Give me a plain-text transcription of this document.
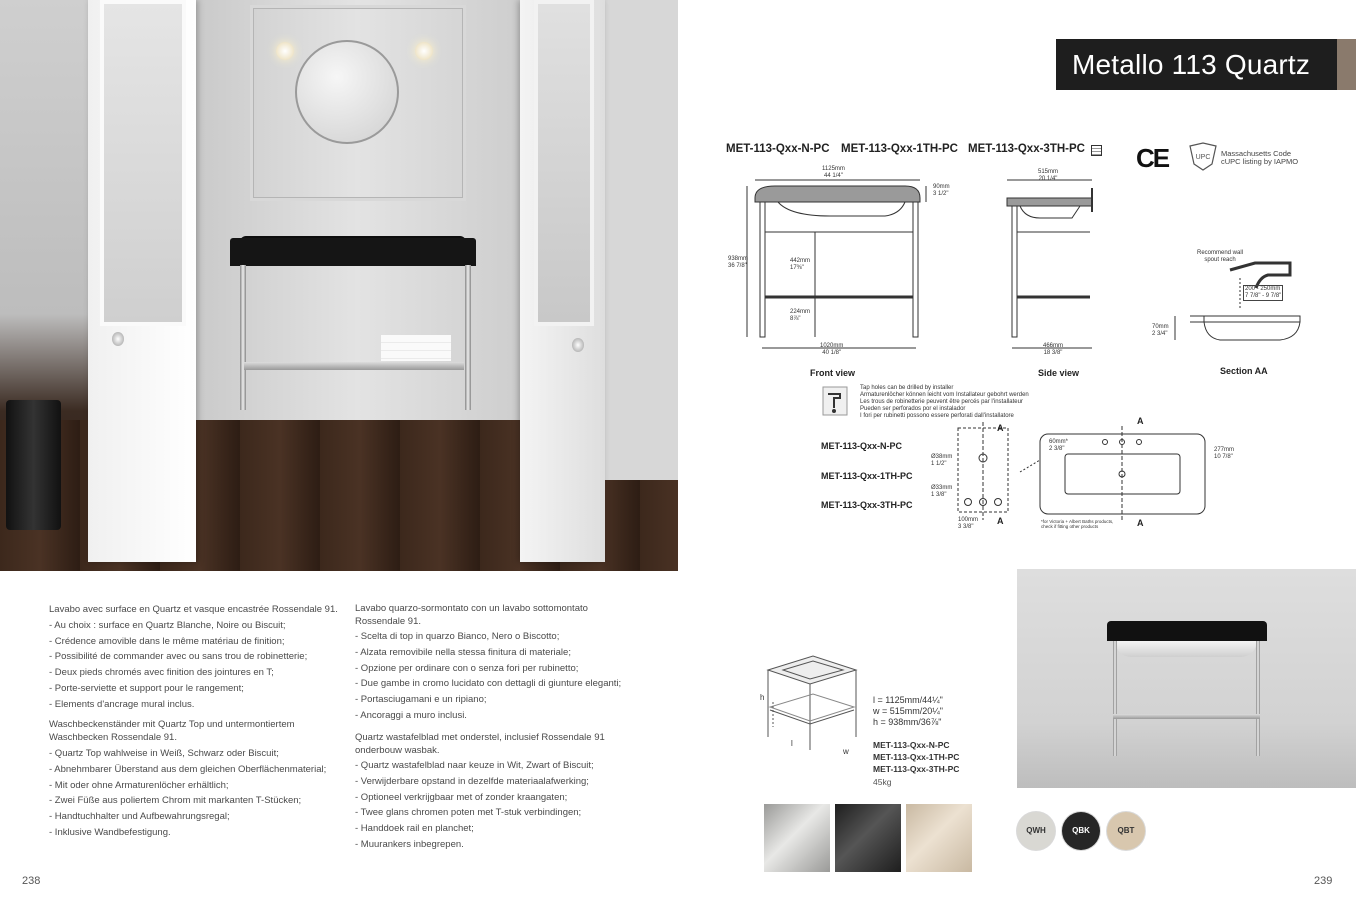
Lavabo avec surface en Quartz et vasque encastrée Rossendale 91.

- Au choix : surface en Quartz Blanche, Noire ou Biscuit;

- Crédence amovible dans le même matériau de finition;

- Possibilité de commander avec ou sans trou de robinetterie;

- Deux pieds chromés avec finition des jointures en T;

- Porte-serviette et support pour le rangement;

- Elements d'ancrage mural inclus.

Waschbeckenständer mit Quartz Top und untermontiertem

Waschbecken Rossendale 91.

- Quartz Top wahlweise in Weiß, Schwarz oder Biscuit;

- Abnehmbarer Überstand aus dem gleichen Oberflächenmaterial;

- Mit oder ohne Armaturenlöcher erhältlich;

- Zwei Füße aus poliertem Chrom mit markanten T-Stücken;

- Handtuchhalter und Aufbewahrungsregal;

- Inklusive Wandbefestigung.

Lavabo quarzo-sormontato con un lavabo sottomontato

Rossendale 91.

- Scelta di top in quarzo Bianco, Nero o Biscotto;

- Alzata removibile nella stessa finitura di materiale;

- Opzione per ordinare con o senza fori per rubinetto;

- Due gambe in cromo lucidato con dettagli di giunture eleganti;

- Portasciugamani e un ripiano;

- Ancoraggi a muro inclusi.

Quartz wastafelblad met onderstel, inclusief Rossendale 91

onderbouw wasbak.

- Quartz wastafelblad naar keuze in Wit, Zwart of Biscuit;

- Verwijderbare opstand in dezelfde materiaalafwerking;

- Optioneel verkrijgbaar met of zonder kraangaten;

- Twee glans chromen poten met T-stuk verbindingen;

- Handdoek rail en planchet;

- Muurankers inbegrepen.

238	239
Metallo 113 Quartz
MET-113-Qxx-N-PC MET-113-Qxx-1TH-PC MET-113-Qxx-3TH-PC CE	UPC Massachusetts Code
cUPC listing by IAPMO
1125mm
44 1/4"
90mm
3 1/2"
938mm
36 7/8"
442mm
17⅜"
224mm
8⅞"
1020mm
40 1/8"
515mm
20 1/4"
466mm
18 3/8"
70mm
2 3/4"
Recommend wall spout reach
200 - 250mm
7 7/8" - 9 7/8"
Front view	Side view	Section AA
Tap holes can be drilled by installer
Armaturenlöcher können leicht vom Installateur gebohrt werden
Les trous de robinetterie peuvent être percés par l'installateur
Pueden ser perforados por el instalador
I fori per rubinetti possono essere perforati dall'installatore
MET-113-Qxx-N-PC
MET-113-Qxx-1TH-PC
MET-113-Qxx-3TH-PC
Ø38mm
1 1/2"
Ø33mm
1 3/8"
100mm
3 3/8"
60mm*
2 3/8"	277mm
10 7/8"
*for Victoria + Albert Baths products, check if fitting other products
A
A
A
A
h
l
w
l = 1125mm/44¼"
w = 515mm/20¼"
h = 938mm/36⅞"
MET-113-Qxx-N-PC
MET-113-Qxx-1TH-PC
MET-113-Qxx-3TH-PC
45kg
QWH	QBK	QBT
